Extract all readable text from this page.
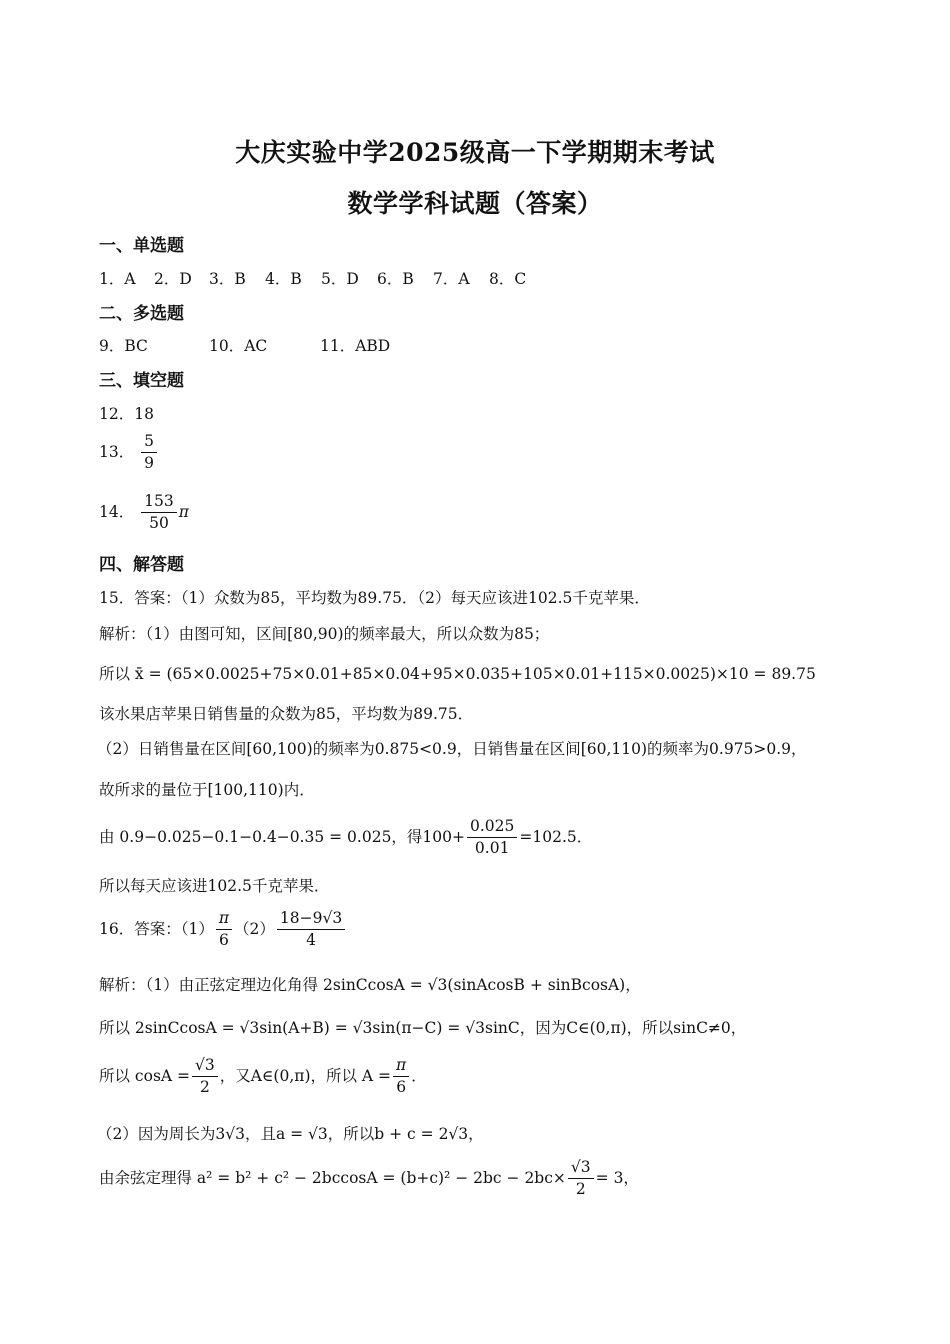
大庆实验中学2025级高一下学期期末考试
数学学科试题（答案）
一、单选题
1．A 2．D 3．B 4．B 5．D 6．B 7．A 8．C
二、多选题
9．BC	10．AC	11．ABD
三、填空题
12．18
13． $\frac{5}{9}$
14． $\frac{153}{50}$ π
四、解答题
15．答案：（1）众数为85，平均数为89.75．（2）每天应该进102.5千克苹果．
解析：（1）由图可知，区间[80,90)的频率最大，所以众数为85；
所以 x̄ = (65×0.0025+75×0.01+85×0.04+95×0.035+105×0.01+115×0.0025)×10 = 89.75
该水果店苹果日销售量的众数为85，平均数为89.75．
（2）日销售量在区间[60,100)的频率为0.875<0.9，日销售量在区间[60,110)的频率为0.975>0.9，
故所求的量位于[100,110)内．
由 0.9−0.025−0.1−0.4−0.35 = 0.025，得$100+ \frac{0.025}{0.01} =102.5$．
所以每天应该进102.5千克苹果．
16．答案：$(1) \frac{\pi}{6} (2) \frac{18-9√3}{4}$
解析：（1）由正弦定理边化角得 2sinCcosA = √3(sinAcosB + sinBcosA)，
所以 2sinCcosA = √3sin(A+B) = √3sin(π−C) = √3sinC，因为C∈(0,π)，所以sinC≠0，
所以 $\cos A = \frac{√3}{2}$ ，又A∈(0,π)，所以 $A = \frac{\pi}{6}$ ．
（2）因为周长为3√3，且a = √3，所以b + c = 2√3，
由余弦定理得 $a^2 = b^2 + c^2 - 2bccosA = (b+c)^2 - 2bc - 2bc\times \frac{√3}{2} = 3$，
